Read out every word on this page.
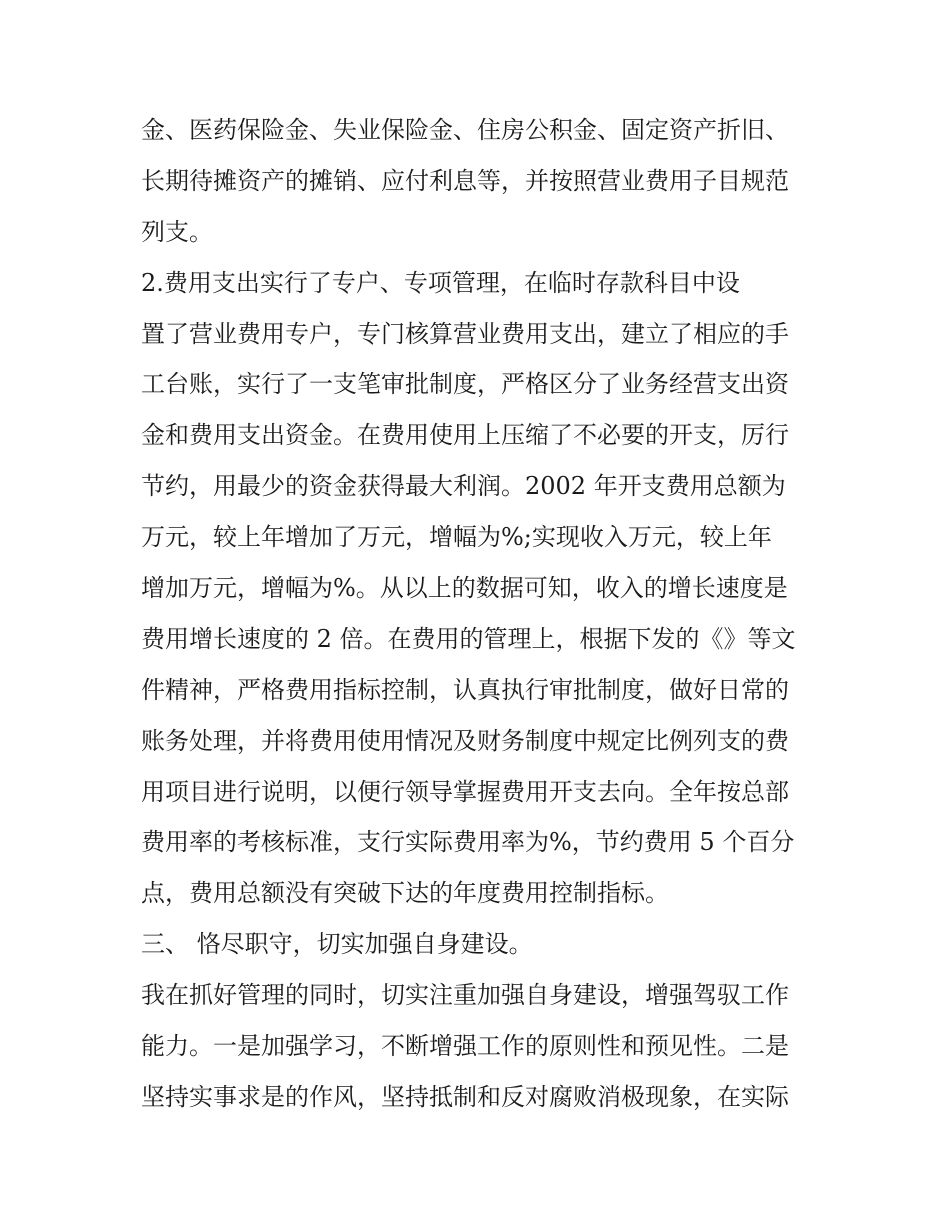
金、医药保险金、失业保险金、住房公积金、固定资产折旧、
长期待摊资产的摊销、应付利息等，并按照营业费用子目规范
列支。
2.费用支出实行了专户、专项管理，在临时存款科目中设
置了营业费用专户，专门核算营业费用支出，建立了相应的手
工台账，实行了一支笔审批制度，严格区分了业务经营支出资
金和费用支出资金。在费用使用上压缩了不必要的开支，厉行
节约，用最少的资金获得最大利润。2002 年开支费用总额为
万元，较上年增加了万元，增幅为%;实现收入万元，较上年
增加万元，增幅为%。从以上的数据可知，收入的增长速度是
费用增长速度的 2 倍。在费用的管理上，根据下发的《》等文
件精神，严格费用指标控制，认真执行审批制度，做好日常的
账务处理，并将费用使用情况及财务制度中规定比例列支的费
用项目进行说明，以便行领导掌握费用开支去向。全年按总部
费用率的考核标准，支行实际费用率为%，节约费用 5 个百分
点，费用总额没有突破下达的年度费用控制指标。
三、 恪尽职守，切实加强自身建设。
我在抓好管理的同时，切实注重加强自身建设，增强驾驭工作
能力。一是加强学习，不断增强工作的原则性和预见性。二是
坚持实事求是的作风，坚持抵制和反对腐败消极现象，在实际
